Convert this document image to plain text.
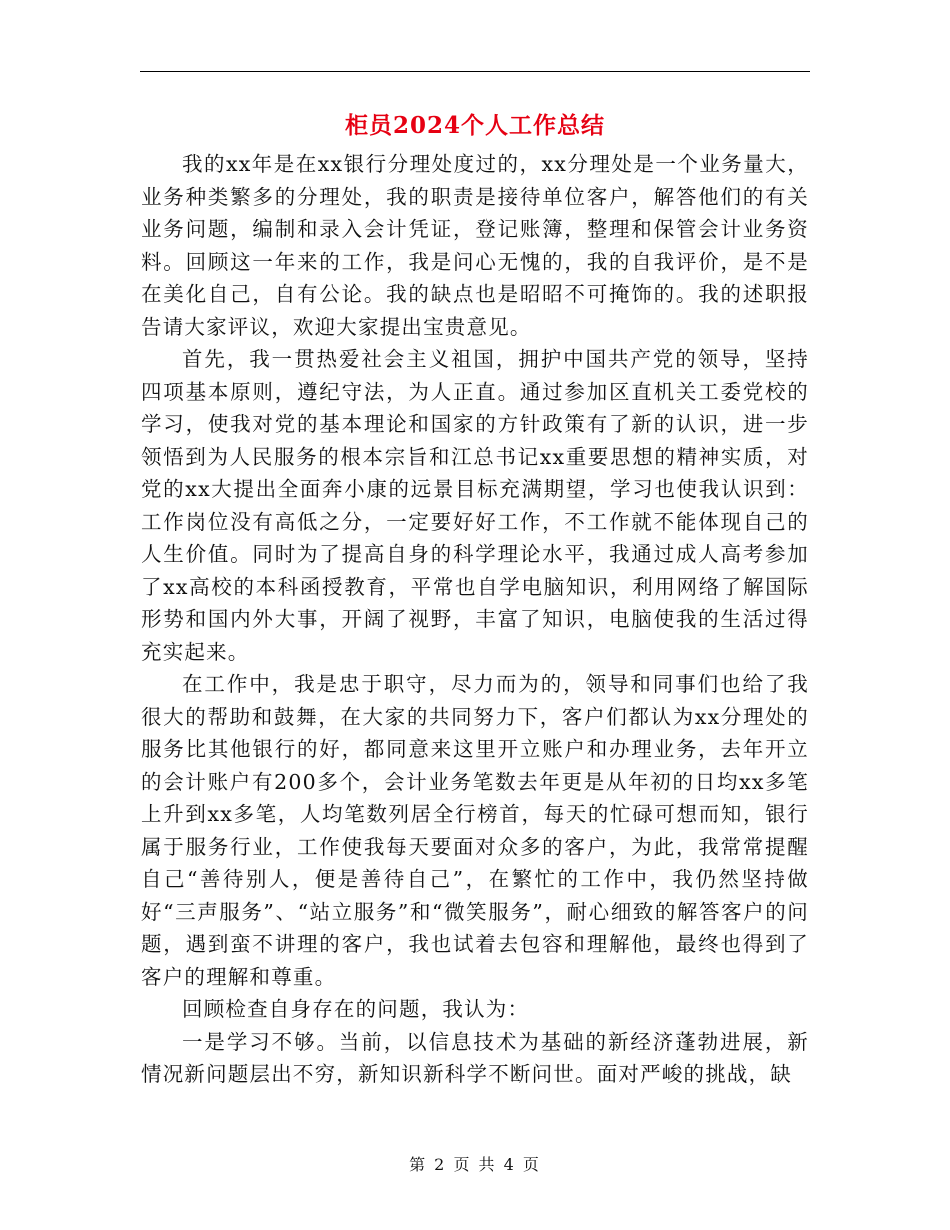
柜员2024个人工作总结

我的xx年是在xx银行分理处度过的，xx分理处是一个业务量大，业务种类繁多的分理处，我的职责是接待单位客户，解答他们的有关业务问题，编制和录入会计凭证，登记账簿，整理和保管会计业务资料。回顾这一年来的工作，我是问心无愧的，我的自我评价，是不是在美化自己，自有公论。我的缺点也是昭昭不可掩饰的。我的述职报告请大家评议，欢迎大家提出宝贵意见。

首先，我一贯热爱社会主义祖国，拥护中国共产党的领导，坚持四项基本原则，遵纪守法，为人正直。通过参加区直机关工委党校的学习，使我对党的基本理论和国家的方针政策有了新的认识，进一步领悟到为人民服务的根本宗旨和江总书记xx重要思想的精神实质，对党的xx大提出全面奔小康的远景目标充满期望，学习也使我认识到：工作岗位没有高低之分，一定要好好工作，不工作就不能体现自己的人生价值。同时为了提高自身的科学理论水平，我通过成人高考参加了xx高校的本科函授教育，平常也自学电脑知识，利用网络了解国际形势和国内外大事，开阔了视野，丰富了知识，电脑使我的生活过得充实起来。

在工作中，我是忠于职守，尽力而为的，领导和同事们也给了我很大的帮助和鼓舞，在大家的共同努力下，客户们都认为xx分理处的服务比其他银行的好，都同意来这里开立账户和办理业务，去年开立的会计账户有200多个，会计业务笔数去年更是从年初的日均xx多笔上升到xx多笔，人均笔数列居全行榜首，每天的忙碌可想而知，银行属于服务行业，工作使我每天要面对众多的客户，为此，我常常提醒自己“善待别人，便是善待自己”，在繁忙的工作中，我仍然坚持做好“三声服务”、“站立服务”和“微笑服务”，耐心细致的解答客户的问题，遇到蛮不讲理的客户，我也试着去包容和理解他，最终也得到了客户的理解和尊重。

回顾检查自身存在的问题，我认为：

一是学习不够。当前，以信息技术为基础的新经济蓬勃进展，新情况新问题层出不穷，新知识新科学不断问世。面对严峻的挑战，缺

第 2 页 共 4 页
